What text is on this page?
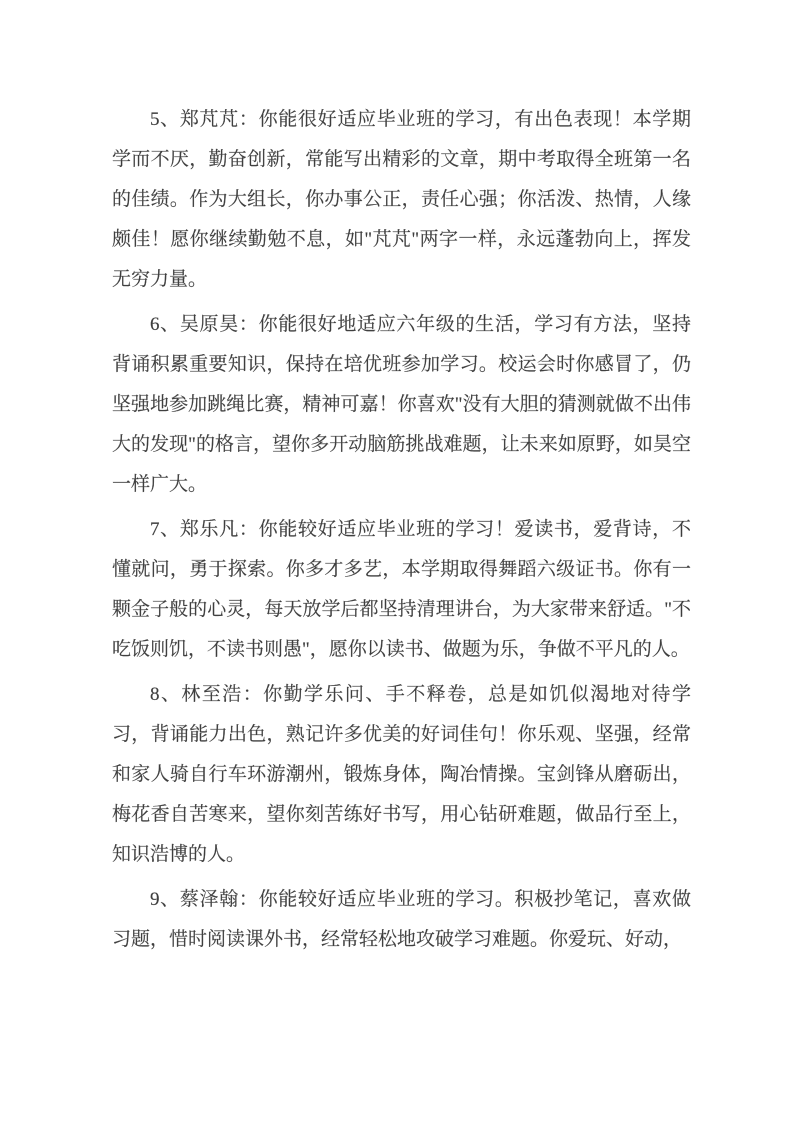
5、郑芃芃：你能很好适应毕业班的学习，有出色表现！本学期学而不厌，勤奋创新，常能写出精彩的文章，期中考取得全班第一名的佳绩。作为大组长，你办事公正，责任心强；你活泼、热情，人缘颇佳！愿你继续勤勉不息，如"芃芃"两字一样，永远蓬勃向上，挥发无穷力量。

6、吴原昊：你能很好地适应六年级的生活，学习有方法，坚持背诵积累重要知识，保持在培优班参加学习。校运会时你感冒了，仍坚强地参加跳绳比赛，精神可嘉！你喜欢"没有大胆的猜测就做不出伟大的发现"的格言，望你多开动脑筋挑战难题，让未来如原野，如昊空一样广大。

7、郑乐凡：你能较好适应毕业班的学习！爱读书，爱背诗，不懂就问，勇于探索。你多才多艺，本学期取得舞蹈六级证书。你有一颗金子般的心灵，每天放学后都坚持清理讲台，为大家带来舒适。"不吃饭则饥，不读书则愚"，愿你以读书、做题为乐，争做不平凡的人。

8、林至浩：你勤学乐问、手不释卷，总是如饥似渴地对待学习，背诵能力出色，熟记许多优美的好词佳句！你乐观、坚强，经常和家人骑自行车环游潮州，锻炼身体，陶冶情操。宝剑锋从磨砺出，梅花香自苦寒来，望你刻苦练好书写，用心钻研难题，做品行至上，知识浩博的人。

9、蔡泽翰：你能较好适应毕业班的学习。积极抄笔记，喜欢做习题，惜时阅读课外书，经常轻松地攻破学习难题。你爱玩、好动，
